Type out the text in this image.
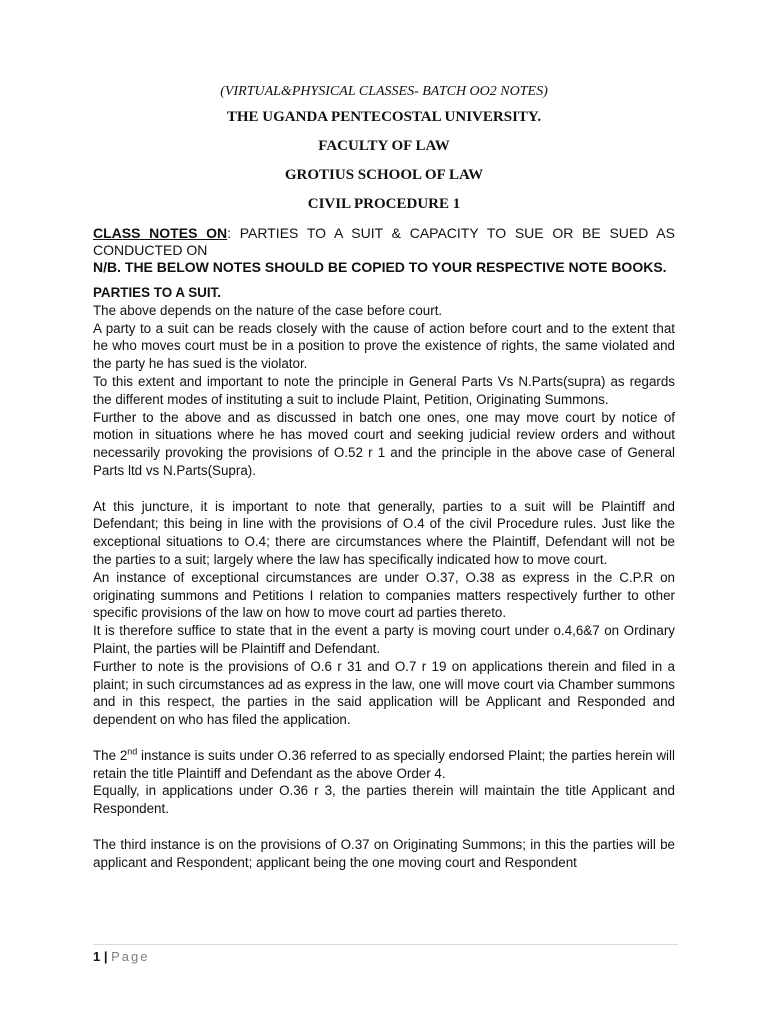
(VIRTUAL&PHYSICAL CLASSES- BATCH OO2 NOTES)

THE UGANDA PENTECOSTAL UNIVERSITY.

FACULTY OF LAW

GROTIUS SCHOOL OF LAW

CIVIL PROCEDURE 1

CLASS NOTES ON: PARTIES TO A SUIT & CAPACITY TO SUE OR BE SUED AS CONDUCTED ON

N/B. THE BELOW NOTES SHOULD BE COPIED TO YOUR RESPECTIVE NOTE BOOKS.

PARTIES TO A SUIT.

The above depends on the nature of the case before court.

A party to a suit can be reads closely with the cause of action before court and to the extent that he who moves court must be in a position to prove the existence of rights, the same violated and the party he has sued is the violator.

To this extent and important to note the principle in General Parts Vs N.Parts(supra) as regards the different modes of instituting a suit to include Plaint, Petition, Originating Summons.

Further to the above and as discussed in batch one ones, one may move court by notice of motion in situations where he has moved court and seeking judicial review orders and without necessarily provoking the provisions of O.52 r 1 and the principle in the above case of General Parts ltd vs N.Parts(Supra).

At this juncture, it is important to note that generally, parties to a suit will be Plaintiff and Defendant; this being in line with the provisions of O.4 of the civil Procedure rules. Just like the exceptional situations to O.4; there are circumstances where the Plaintiff, Defendant will not be the parties to a suit; largely where the law has specifically indicated how to move court.

An instance of exceptional circumstances are under O.37, O.38 as express in the C.P.R on originating summons and Petitions I relation to companies matters respectively further to other specific provisions of the law on how to move court ad parties thereto.

It is therefore suffice to state that in the event a party is moving court under o.4,6&7 on Ordinary Plaint, the parties will be Plaintiff and Defendant.

Further to note is the provisions of O.6 r 31 and O.7 r 19 on applications therein and filed in a plaint; in such circumstances ad as express in the law, one will move court via Chamber summons and in this respect, the parties in the said application will be Applicant and Responded and dependent on who has filed the application.

The 2nd instance is suits under O.36 referred to as specially endorsed Plaint; the parties herein will retain the title Plaintiff and Defendant as the above Order 4.

Equally, in applications under O.36 r 3, the parties therein will maintain the title Applicant and Respondent.

The third instance is on the provisions of O.37 on Originating Summons; in this the parties will be applicant and Respondent; applicant being the one moving court and Respondent

1 | Page
